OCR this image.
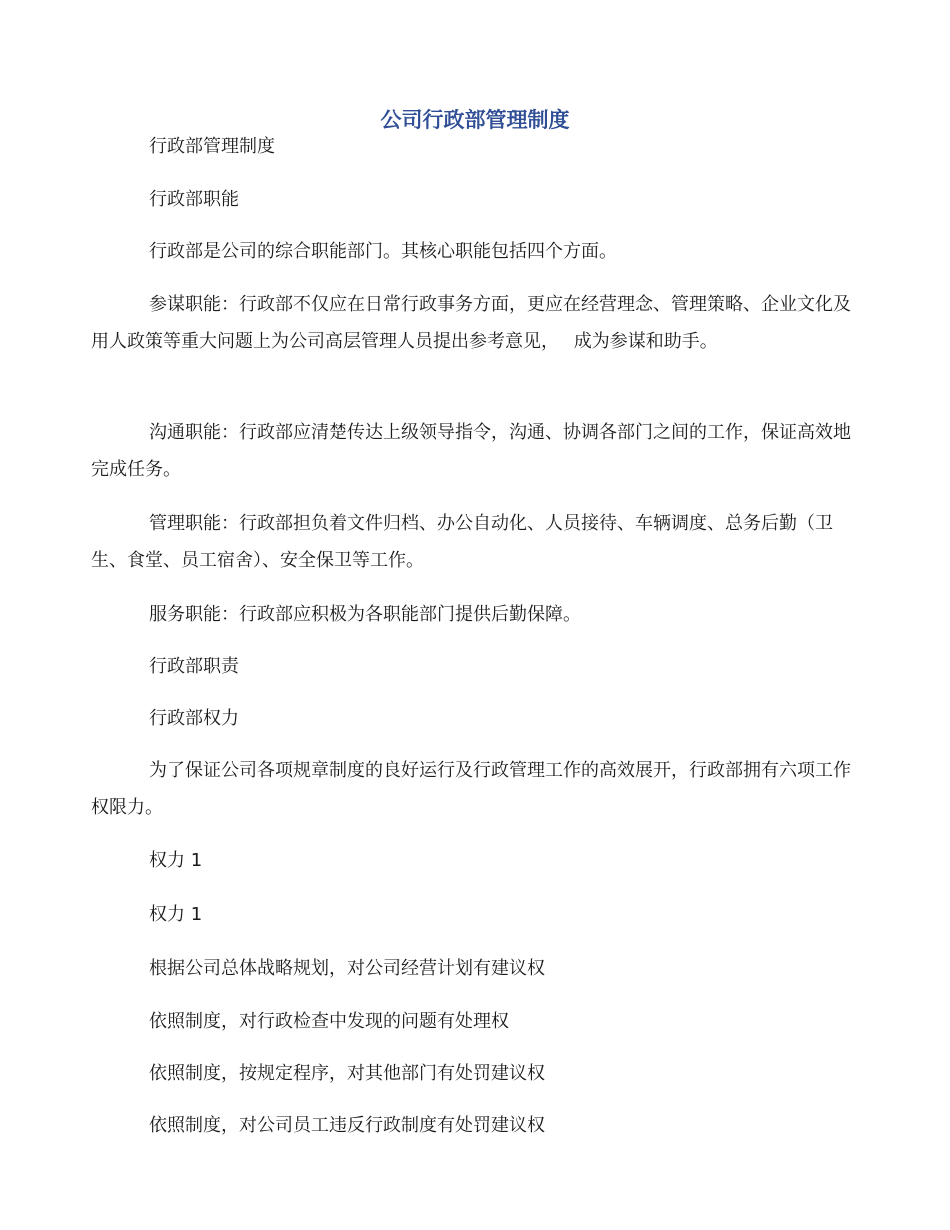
公司行政部管理制度

行政部管理制度

行政部职能

行政部是公司的综合职能部门。其核心职能包括四个方面。

参谋职能：行政部不仅应在日常行政事务方面，更应在经营理念、管理策略、企业文化及用人政策等重大问题上为公司高层管理人员提出参考意见，　 成为参谋和助手。

沟通职能：行政部应清楚传达上级领导指令，沟通、协调各部门之间的工作，保证高效地完成任务。

管理职能：行政部担负着文件归档、办公自动化、人员接待、车辆调度、总务后勤（卫生、食堂、员工宿舍）、安全保卫等工作。

服务职能：行政部应积极为各职能部门提供后勤保障。

行政部职责

行政部权力

为了保证公司各项规章制度的良好运行及行政管理工作的高效展开，行政部拥有六项工作权限力。

权力 1

权力 1

根据公司总体战略规划，对公司经营计划有建议权

依照制度，对行政检查中发现的问题有处理权

依照制度，按规定程序，对其他部门有处罚建议权

依照制度，对公司员工违反行政制度有处罚建议权
